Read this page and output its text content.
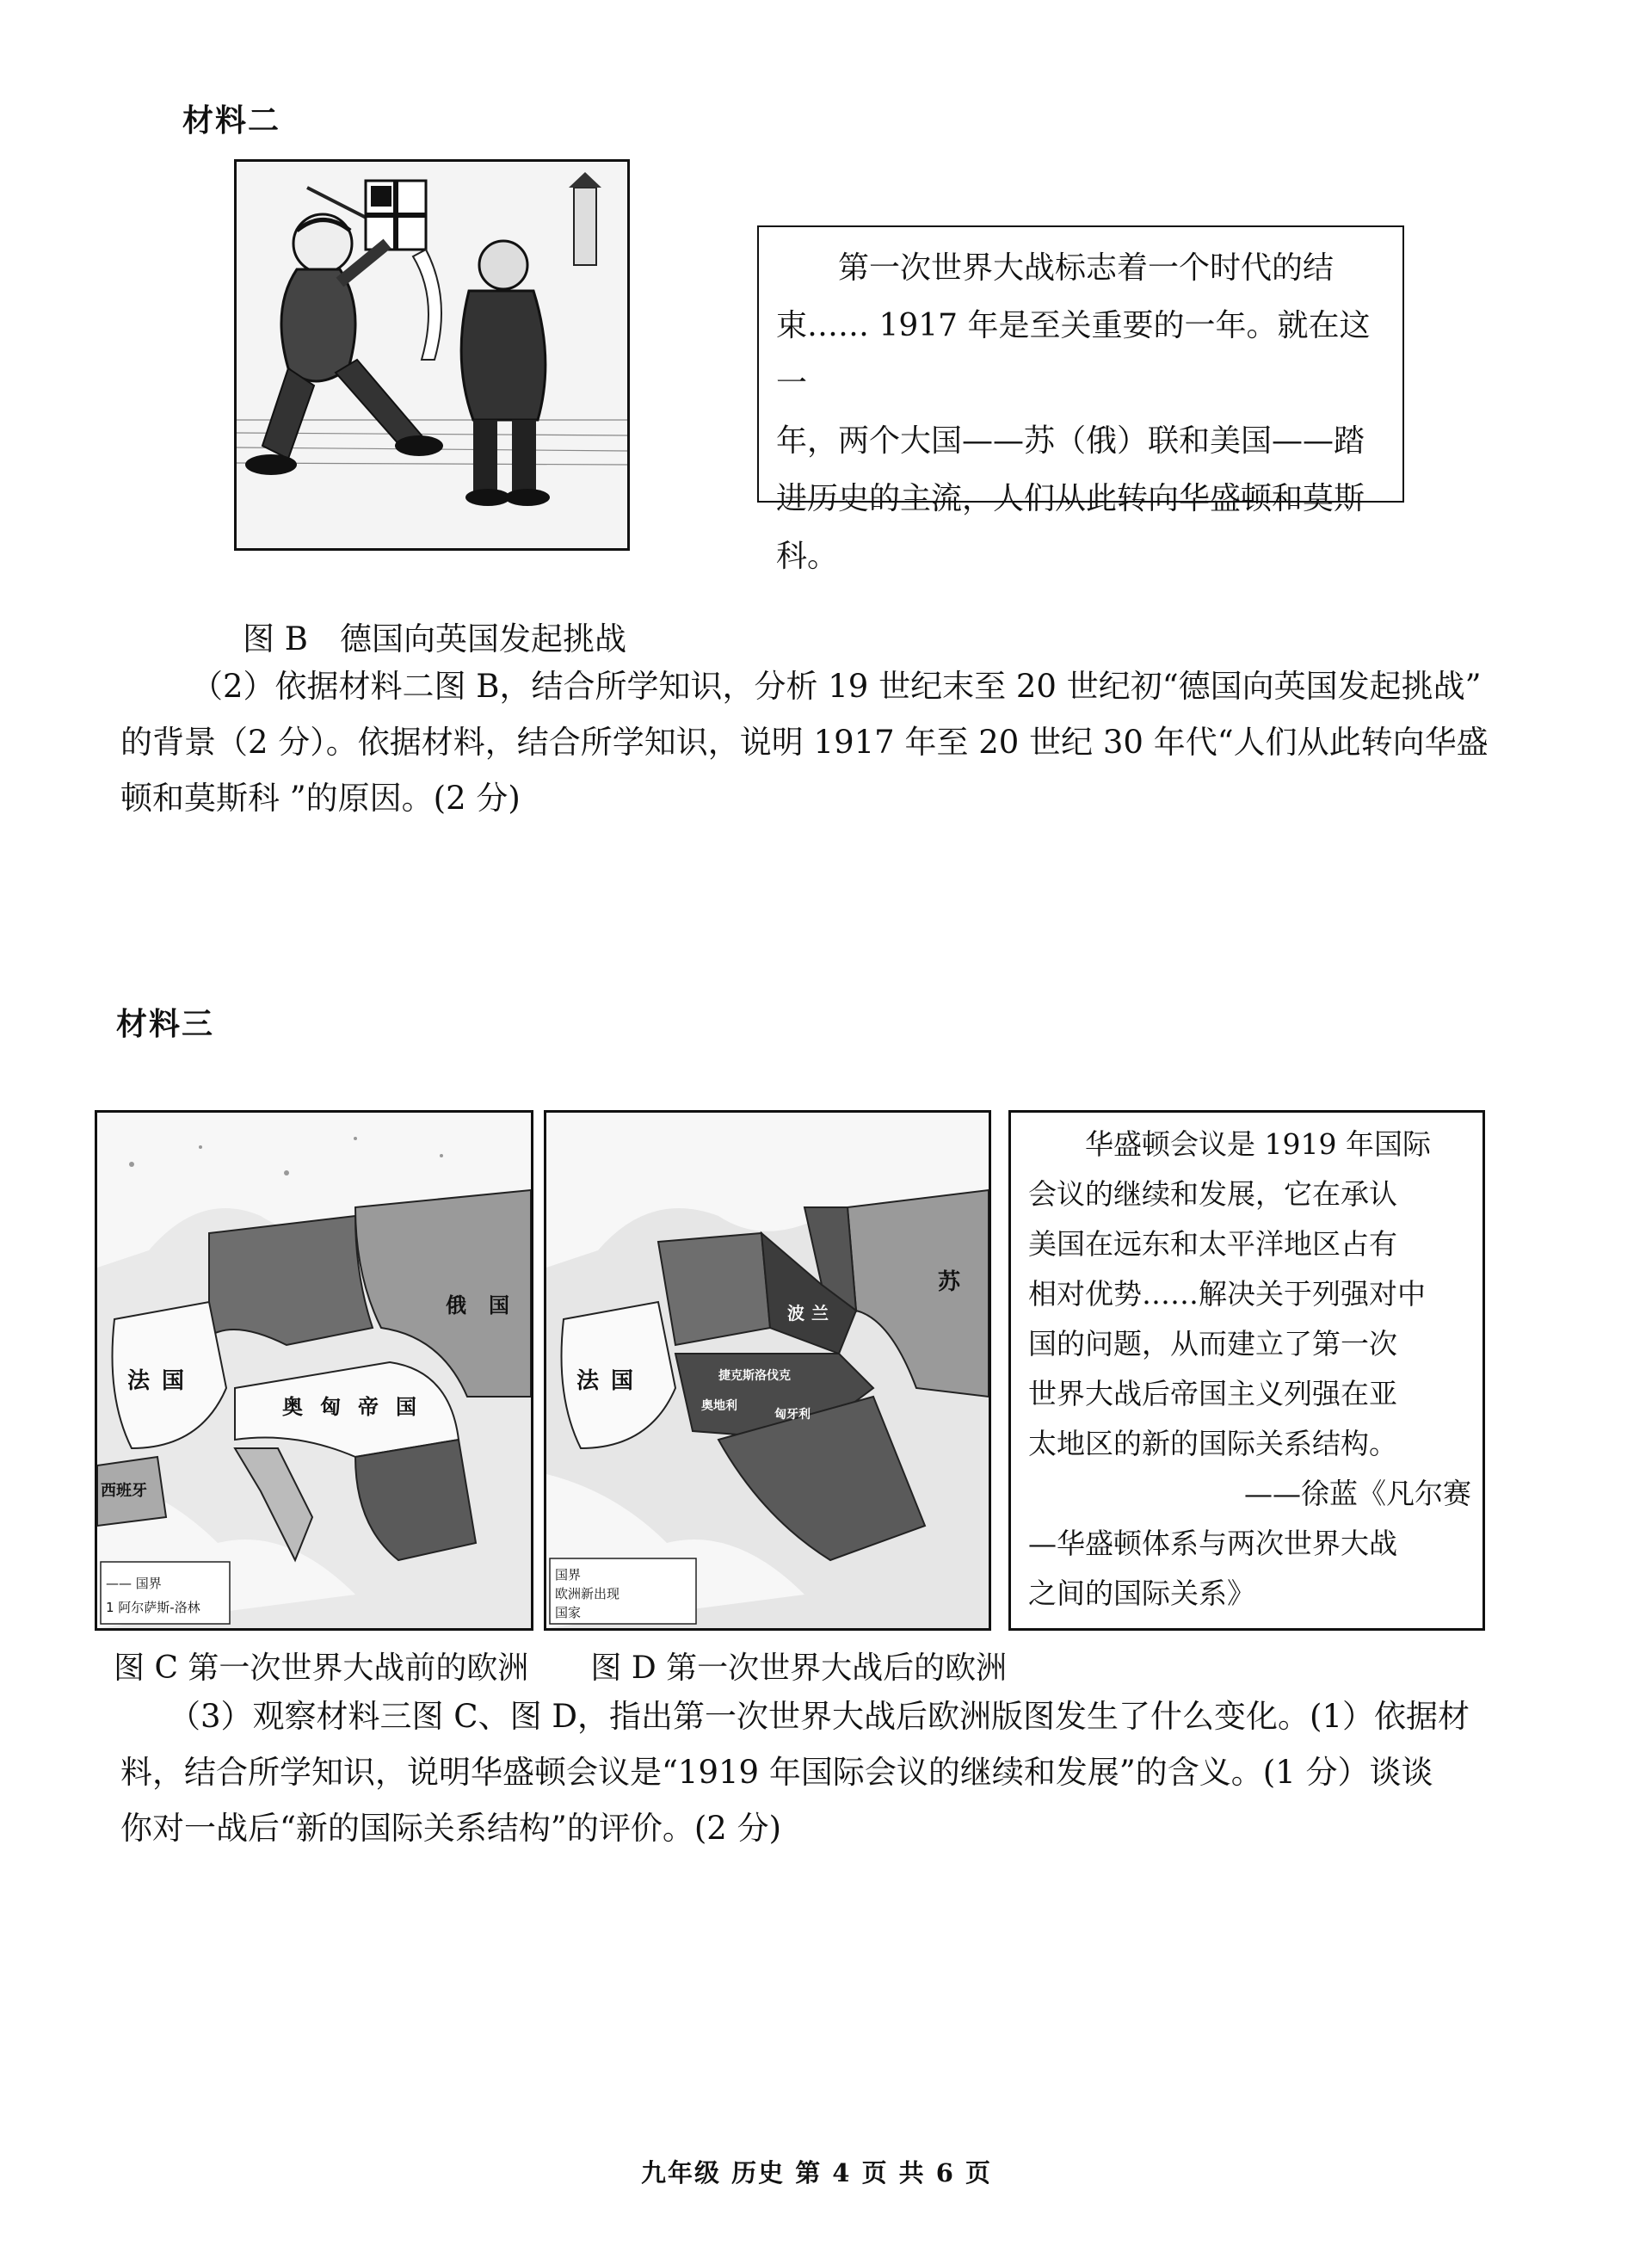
材料二
第一次世界大战标志着一个时代的结
束…… 1917 年是至关重要的一年。就在这一
年，两个大国——苏（俄）联和美国——踏
进历史的主流，人们从此转向华盛顿和莫斯
科。
图 B　德国向英国发起挑战
（2）依据材料二图 B，结合所学知识，分析 19 世纪末至 20 世纪初“德国向英国发起挑战”
的背景（2 分）。依据材料，结合所学知识，说明 1917 年至 20 世纪 30 年代“人们从此转向华盛
顿和莫斯科 ”的原因。(2 分)
材料三
俄国
法国
奥匈帝国
西班牙
—— 国界
1 阿尔萨斯-洛林
苏
法国
波兰
捷克斯洛伐克
奥地利
匈牙利
国界
欧洲新出现
国家
华盛顿会议是 1919 年国际
会议的继续和发展，它在承认
美国在远东和太平洋地区占有
相对优势……解决关于列强对中
国的问题，从而建立了第一次
世界大战后帝国主义列强在亚
太地区的新的国际关系结构。
——徐蓝《凡尔赛
—华盛顿体系与两次世界大战
之间的国际关系》
图 C 第一次世界大战前的欧洲　　图 D 第一次世界大战后的欧洲
（3）观察材料三图 C、图 D，指出第一次世界大战后欧洲版图发生了什么变化。(1）依据材
料，结合所学知识，说明华盛顿会议是“1919 年国际会议的继续和发展”的含义。(1 分）谈谈
你对一战后“新的国际关系结构”的评价。(2 分)
九年级 历史 第 4 页 共 6 页
